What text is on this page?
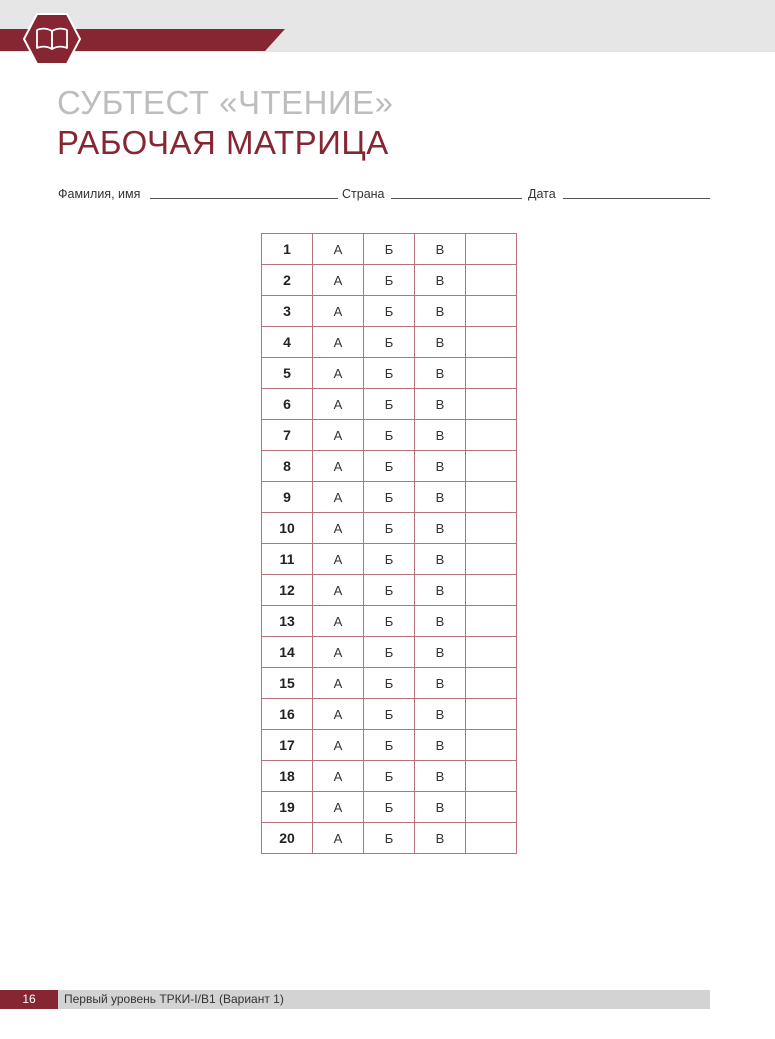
СУБТЕСТ «ЧТЕНИЕ»
РАБОЧАЯ МАТРИЦА
Фамилия, имя	Страна	Дата
1	А	Б	В	
2	А	Б	В	
3	А	Б	В	
4	А	Б	В	
5	А	Б	В	
6	А	Б	В	
7	А	Б	В	
8	А	Б	В	
9	А	Б	В	
10	А	Б	В	
11	А	Б	В	
12	А	Б	В	
13	А	Б	В	
14	А	Б	В	
15	А	Б	В	
16	А	Б	В	
17	А	Б	В	
18	А	Б	В	
19	А	Б	В	
20	А	Б	В	
16	Первый уровень ТРКИ-I/B1 (Вариант 1)
